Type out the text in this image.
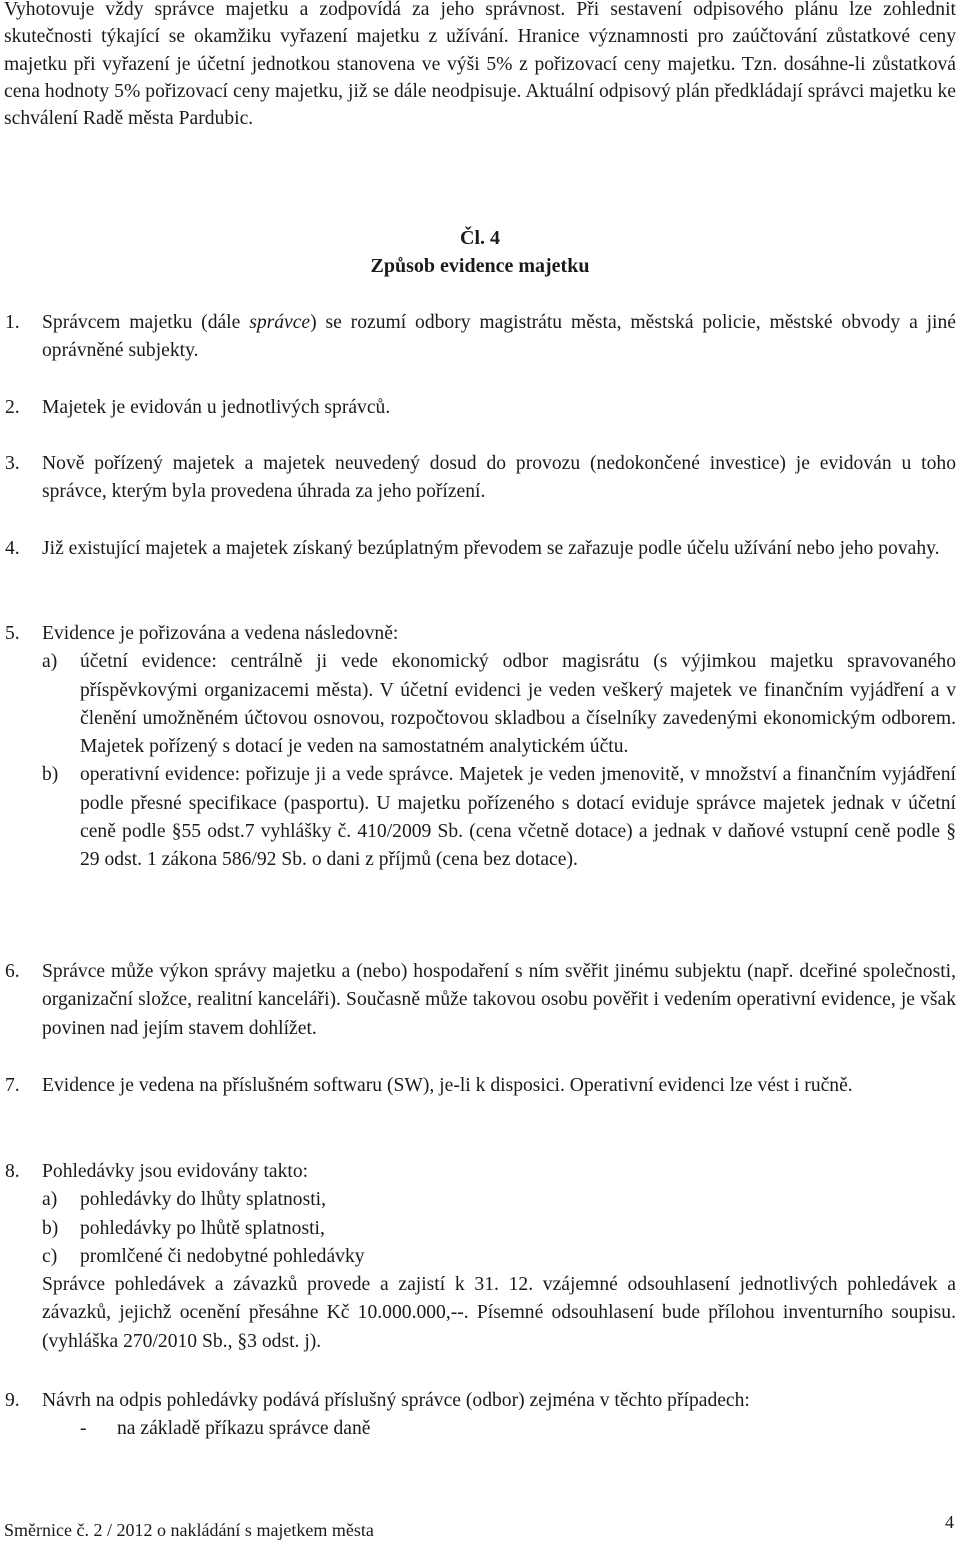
Vyhotovuje vždy správce majetku a zodpovídá za jeho správnost. Při sestavení odpisového plánu lze zohlednit skutečnosti týkající se okamžiku vyřazení majetku z užívání. Hranice významnosti pro zaúčtování zůstatkové ceny majetku při vyřazení je účetní jednotkou stanovena ve výši 5% z pořizovací ceny majetku. Tzn. dosáhne-li zůstatková cena hodnoty 5% pořizovací ceny majetku, již se dále neodpisuje. Aktuální odpisový plán předkládají správci majetku ke schválení Radě města Pardubic.

Čl. 4

Způsob evidence majetku

1. Správcem majetku (dále správce) se rozumí odbory magistrátu města, městská policie, městské obvody a jiné oprávněné subjekty.
2. Majetek je evidován u jednotlivých správců.
3. Nově pořízený majetek a majetek neuvedený dosud do provozu (nedokončené investice) je evidován u toho správce, kterým byla provedena úhrada za jeho pořízení.
4. Již existující majetek a majetek získaný bezúplatným převodem se zařazuje podle účelu užívání nebo jeho povahy.
5. Evidence je pořizována a vedena následovně:
a) účetní evidence: centrálně ji vede ekonomický odbor magisrátu (s výjimkou majetku spravovaného příspěvkovými organizacemi města). V účetní evidenci je veden veškerý majetek ve finančním vyjádření a v členění umožněném účtovou osnovou, rozpočtovou skladbou a číselníky zavedenými ekonomickým odborem. Majetek pořízený s dotací je veden na samostatném analytickém účtu.
b) operativní evidence: pořizuje ji a vede správce. Majetek je veden jmenovitě, v množství a finančním vyjádření podle přesné specifikace (pasportu). U majetku pořízeného s dotací eviduje správce majetek jednak v účetní ceně podle §55 odst.7 vyhlášky č. 410/2009 Sb. (cena včetně dotace) a jednak v daňové vstupní ceně podle § 29 odst. 1 zákona 586/92 Sb. o dani z příjmů (cena bez dotace).
6. Správce může výkon správy majetku a (nebo) hospodaření s ním svěřit jinému subjektu (např. dceřiné společnosti, organizační složce, realitní kanceláři). Současně může takovou osobu pověřit i vedením operativní evidence, je však povinen nad jejím stavem dohlížet.
7. Evidence je vedena na příslušném softwaru (SW), je-li k disposici. Operativní evidenci lze vést i ručně.
8. Pohledávky jsou evidovány takto:
a) pohledávky do lhůty splatnosti,
b) pohledávky po lhůtě splatnosti,
c) promlčené či nedobytné pohledávky
Správce pohledávek a závazků provede a zajistí k 31. 12. vzájemné odsouhlasení jednotlivých pohledávek a závazků, jejichž ocenění přesáhne Kč 10.000.000,--. Písemné odsouhlasení bude přílohou inventurního soupisu. (vyhláška 270/2010 Sb., §3 odst. j).
9. Návrh na odpis pohledávky podává příslušný správce (odbor) zejména v těchto případech:
- na základě příkazu správce daně
Směrnice č. 2 / 2012 o nakládání s majetkem města	4
